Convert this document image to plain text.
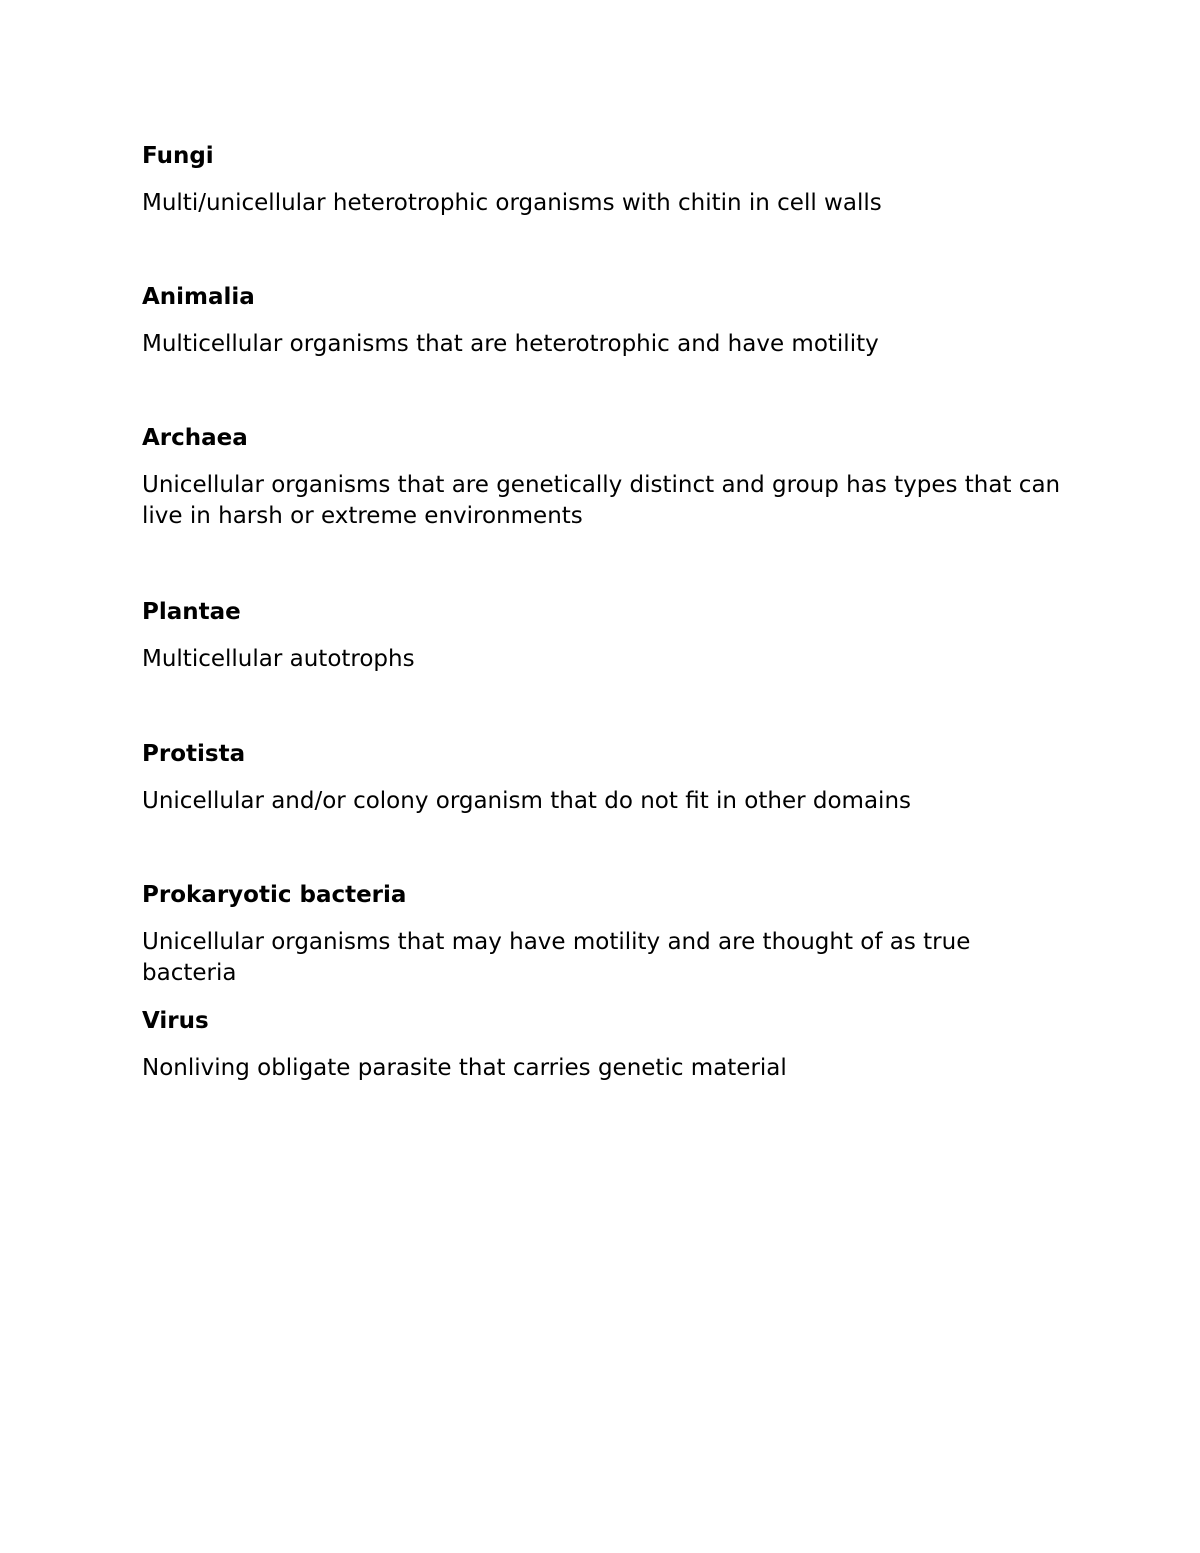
Fungi

Multi/unicellular heterotrophic organisms with chitin in cell walls

Animalia

Multicellular organisms that are heterotrophic and have motility

Archaea

Unicellular organisms that are genetically distinct and group has types that can live in harsh or extreme environments

Plantae

Multicellular autotrophs

Protista

Unicellular and/or colony organism that do not fit in other domains

Prokaryotic bacteria

Unicellular organisms that may have motility and are thought of as true bacteria

Virus

Nonliving obligate parasite that carries genetic material
